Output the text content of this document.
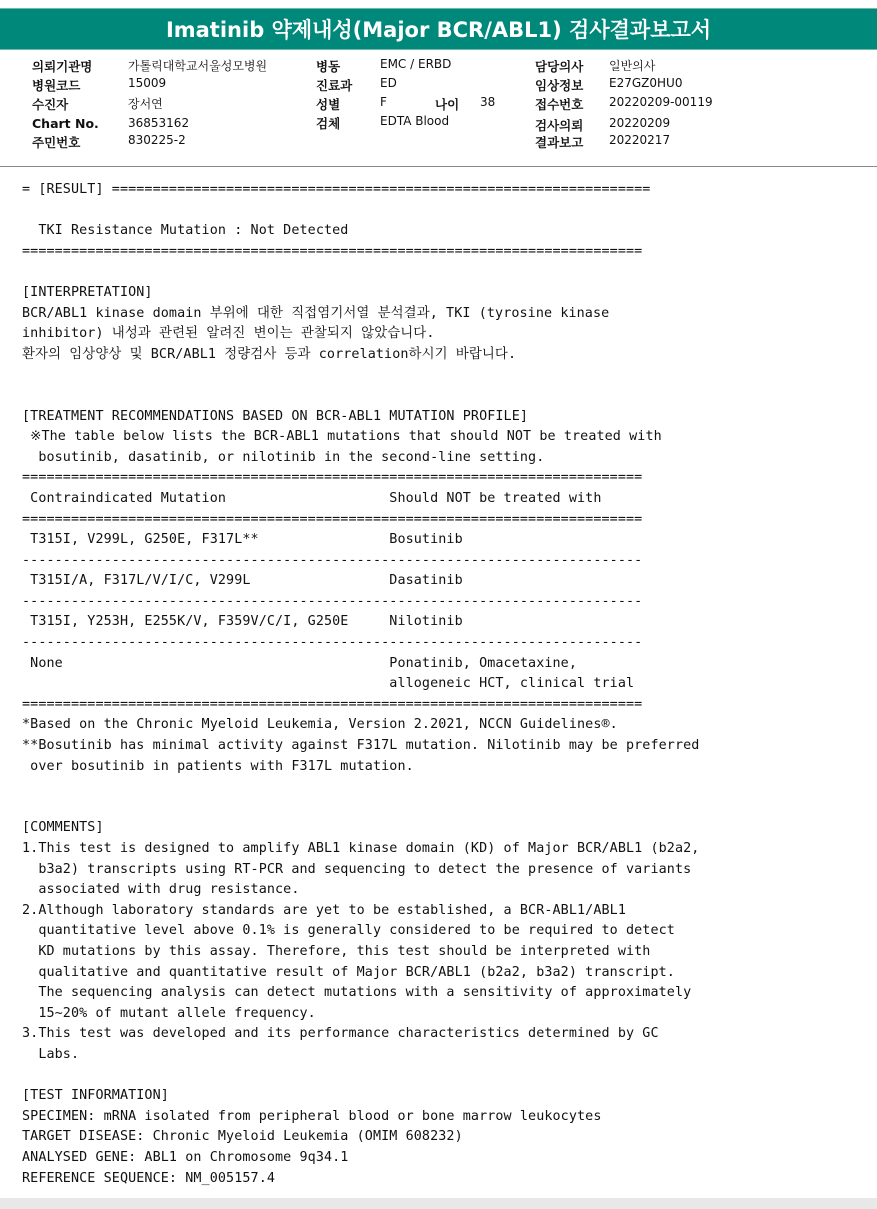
Imatinib 약제내성(Major BCR/ABL1) 검사결과보고서
의뢰기관명	가톨릭대학교서울성모병원
병원코드	15009
수진자	장서연
Chart No. 36853162
주민번호	830225-2
병동	EMC / ERBD
진료과 ED
성별	F	나이 38
검체	EDTA Blood
담당의사 일반의사
임상정보 E27GZ0HU0
접수번호 20220209-00119
검사의뢰 20220209
결과보고 20220217
= [RESULT] ==================================================================
TKI Resistance Mutation : Not Detected
============================================================================
[INTERPRETATION]
BCR/ABL1 kinase domain 부위에 대한 직접염기서열 분석결과, TKI (tyrosine kinase
inhibitor) 내성과 관련된 알려진 변이는 관찰되지 않았습니다.
환자의 임상양상 및 BCR/ABL1 정량검사 등과 correlation하시기 바랍니다.
[TREATMENT RECOMMENDATIONS BASED ON BCR-ABL1 MUTATION PROFILE]
※The table below lists the BCR-ABL1 mutations that should NOT be treated with
bosutinib, dasatinib, or nilotinib in the second-line setting.
============================================================================
Contraindicated Mutation                    Should NOT be treated with
============================================================================
T315I, V299L, G250E, F317L**                Bosutinib
----------------------------------------------------------------------------
T315I/A, F317L/V/I/C, V299L                 Dasatinib
----------------------------------------------------------------------------
T315I, Y253H, E255K/V, F359V/C/I, G250E     Nilotinib
----------------------------------------------------------------------------
None                                        Ponatinib, Omacetaxine,
allogeneic HCT, clinical trial
============================================================================
*Based on the Chronic Myeloid Leukemia, Version 2.2021, NCCN Guidelines®.
**Bosutinib has minimal activity against F317L mutation. Nilotinib may be preferred
over bosutinib in patients with F317L mutation.
[COMMENTS]
1.This test is designed to amplify ABL1 kinase domain (KD) of Major BCR/ABL1 (b2a2,
b3a2) transcripts using RT-PCR and sequencing to detect the presence of variants
associated with drug resistance.
2.Although laboratory standards are yet to be established, a BCR-ABL1/ABL1
quantitative level above 0.1% is generally considered to be required to detect
KD mutations by this assay. Therefore, this test should be interpreted with
qualitative and quantitative result of Major BCR/ABL1 (b2a2, b3a2) transcript.
The sequencing analysis can detect mutations with a sensitivity of approximately
15~20% of mutant allele frequency.
3.This test was developed and its performance characteristics determined by GC
Labs.
[TEST INFORMATION]
SPECIMEN: mRNA isolated from peripheral blood or bone marrow leukocytes
TARGET DISEASE: Chronic Myeloid Leukemia (OMIM 608232)
ANALYSED GENE: ABL1 on Chromosome 9q34.1
REFERENCE SEQUENCE: NM_005157.4
